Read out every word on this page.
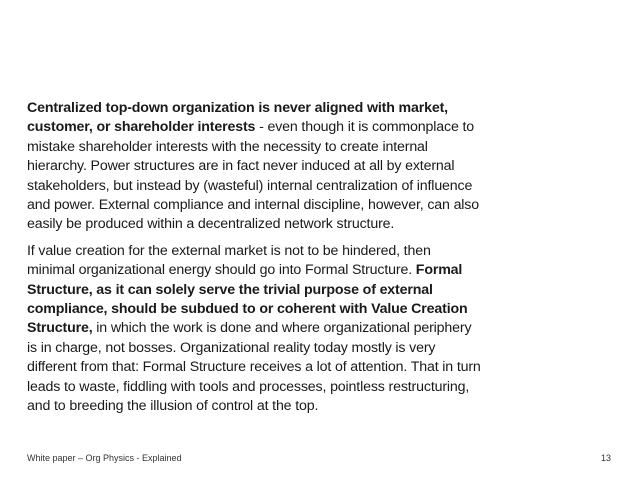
Centralized top-down organization is never aligned with market, customer, or shareholder interests - even though it is commonplace to mistake shareholder interests with the necessity to create internal hierarchy. Power structures are in fact never induced at all by external stakeholders, but instead by (wasteful) internal centralization of influence and power. External compliance and internal discipline, however, can also easily be produced within a decentralized network structure.

If value creation for the external market is not to be hindered, then minimal organizational energy should go into Formal Structure. Formal Structure, as it can solely serve the trivial purpose of external compliance, should be subdued to or coherent with Value Creation Structure, in which the work is done and where organizational periphery is in charge, not bosses. Organizational reality today mostly is very different from that: Formal Structure receives a lot of attention. That in turn leads to waste, fiddling with tools and processes, pointless restructuring, and to breeding the illusion of control at the top.

White paper – Org Physics - Explained	13
